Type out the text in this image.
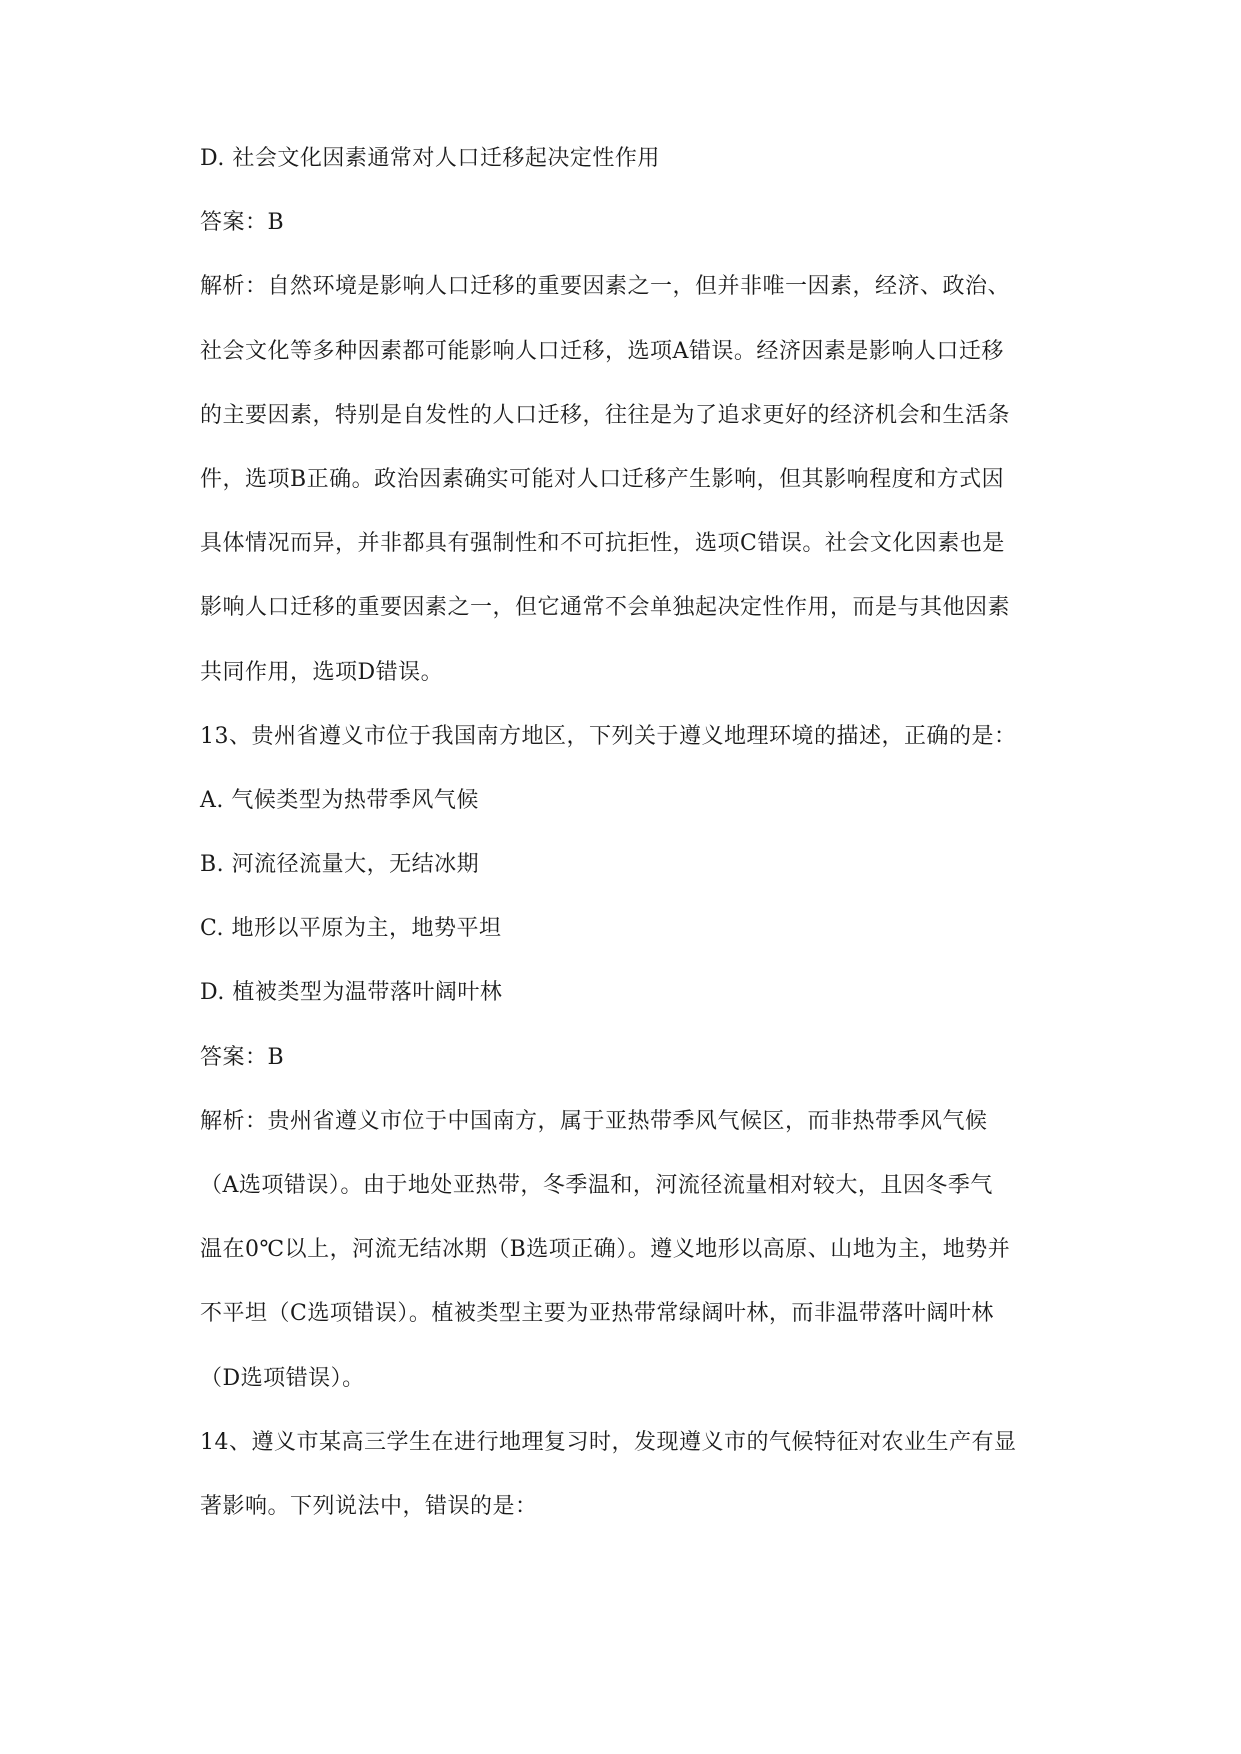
D. 社会文化因素通常对人口迁移起决定性作用
答案：B
解析：自然环境是影响人口迁移的重要因素之一，但并非唯一因素，经济、政治、
社会文化等多种因素都可能影响人口迁移，选项A错误。经济因素是影响人口迁移
的主要因素，特别是自发性的人口迁移，往往是为了追求更好的经济机会和生活条
件，选项B正确。政治因素确实可能对人口迁移产生影响，但其影响程度和方式因
具体情况而异，并非都具有强制性和不可抗拒性，选项C错误。社会文化因素也是
影响人口迁移的重要因素之一，但它通常不会单独起决定性作用，而是与其他因素
共同作用，选项D错误。
13、贵州省遵义市位于我国南方地区，下列关于遵义地理环境的描述，正确的是：
A. 气候类型为热带季风气候
B. 河流径流量大，无结冰期
C. 地形以平原为主，地势平坦
D. 植被类型为温带落叶阔叶林
答案：B
解析：贵州省遵义市位于中国南方，属于亚热带季风气候区，而非热带季风气候
（A选项错误）。由于地处亚热带，冬季温和，河流径流量相对较大，且因冬季气
温在0℃以上，河流无结冰期（B选项正确）。遵义地形以高原、山地为主，地势并
不平坦（C选项错误）。植被类型主要为亚热带常绿阔叶林，而非温带落叶阔叶林
（D选项错误）。
14、遵义市某高三学生在进行地理复习时，发现遵义市的气候特征对农业生产有显
著影响。下列说法中，错误的是：
